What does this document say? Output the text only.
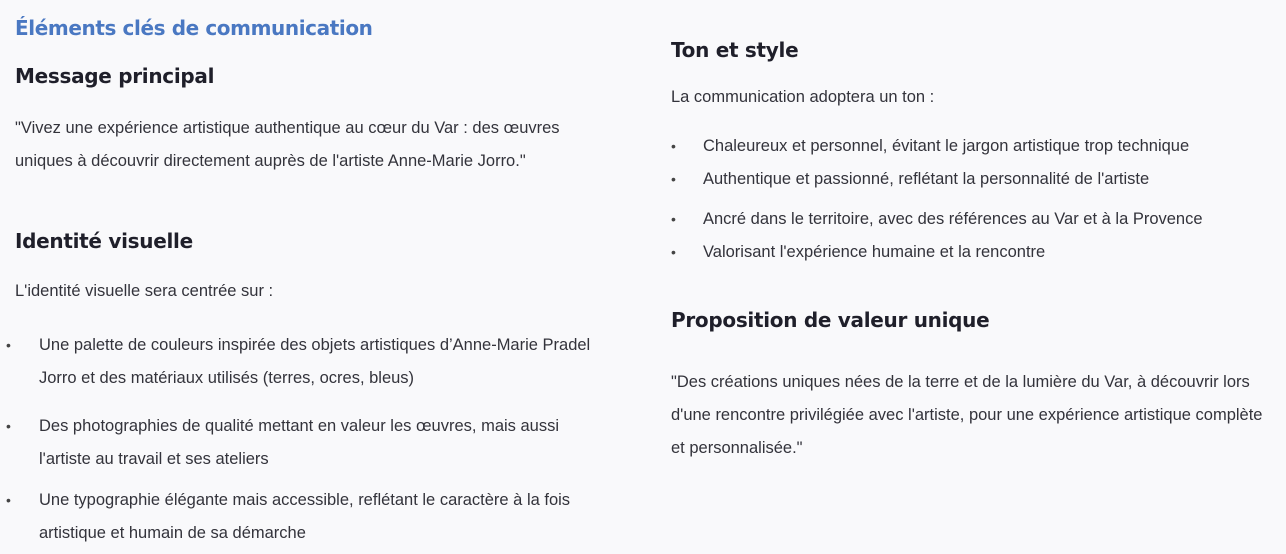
Éléments clés de communication
Message principal

"Vivez une expérience artistique authentique au cœur du Var : des œuvres uniques à découvrir directement auprès de l'artiste Anne-Marie Jorro."

Identité visuelle

L'identité visuelle sera centrée sur :

• Une palette de couleurs inspirée des objets artistiques d’Anne-Marie Pradel Jorro et des matériaux utilisés (terres, ocres, bleus)

• Des photographies de qualité mettant en valeur les œuvres, mais aussi l'artiste au travail et ses ateliers

• Une typographie élégante mais accessible, reflétant le caractère à la fois artistique et humain de sa démarche

Ton et style

La communication adoptera un ton :

• Chaleureux et personnel, évitant le jargon artistique trop technique

• Authentique et passionné, reflétant la personnalité de l'artiste

• Ancré dans le territoire, avec des références au Var et à la Provence

• Valorisant l'expérience humaine et la rencontre

Proposition de valeur unique

"Des créations uniques nées de la terre et de la lumière du Var, à découvrir lors d'une rencontre privilégiée avec l'artiste, pour une expérience artistique complète et personnalisée."
